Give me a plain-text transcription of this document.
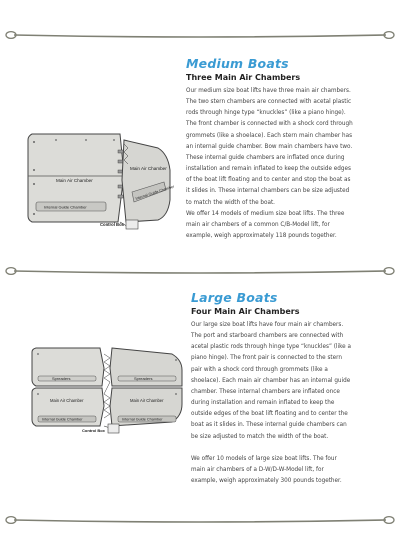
Medium Boats
Three Main Air Chambers
Our medium size boat lifts have three main air chambers.
The two stern chambers are connected with acetal plastic
rods through hinge type “knuckles” (like a piano hinge).
The front chamber is connected with a shock cord through
grommets (like a shoelace). Each stern main chamber has
an internal guide chamber. Bow main chambers have two.
These internal guide chambers are inflated once during
installation and remain inflated to keep the outside edges
of the boat lift floating and to center and stop the boat as
it slides in. These internal chambers can be size adjusted
to match the width of the boat.
We offer 14 models of medium size boat lifts. The three
main air chambers of a common C/B-Model lift, for
example, weigh approximately 118 pounds together.
Main Air Chamber
Main Air Chamber
Internal Guide Chamber
Internal Guide Chamber
Control Box
Large Boats
Four Main Air Chambers
Our large size boat lifts have four main air chambers.
The port and starboard chambers are connected with
acetal plastic rods through hinge type “knuckles” (like a
piano hinge). The front pair is connected to the stern
pair with a shock cord through grommets (like a
shoelace). Each main air chamber has an internal guide
chamber. These internal chambers are inflated once
during installation and remain inflated to keep the
outside edges of the boat lift floating and to center the
boat as it slides in. These internal guide chambers can
be size adjusted to match the width of the boat.
We offer 10 models of large size boat lifts. The four
main air chambers of a D-W/D-W-Model lift, for
example, weigh approximately 300 pounds together.
Spreaders	Spreaders
Main Air Chamber	Main Air Chamber
Internal Guide Chamber	Internal Guide Chamber
Control Box
